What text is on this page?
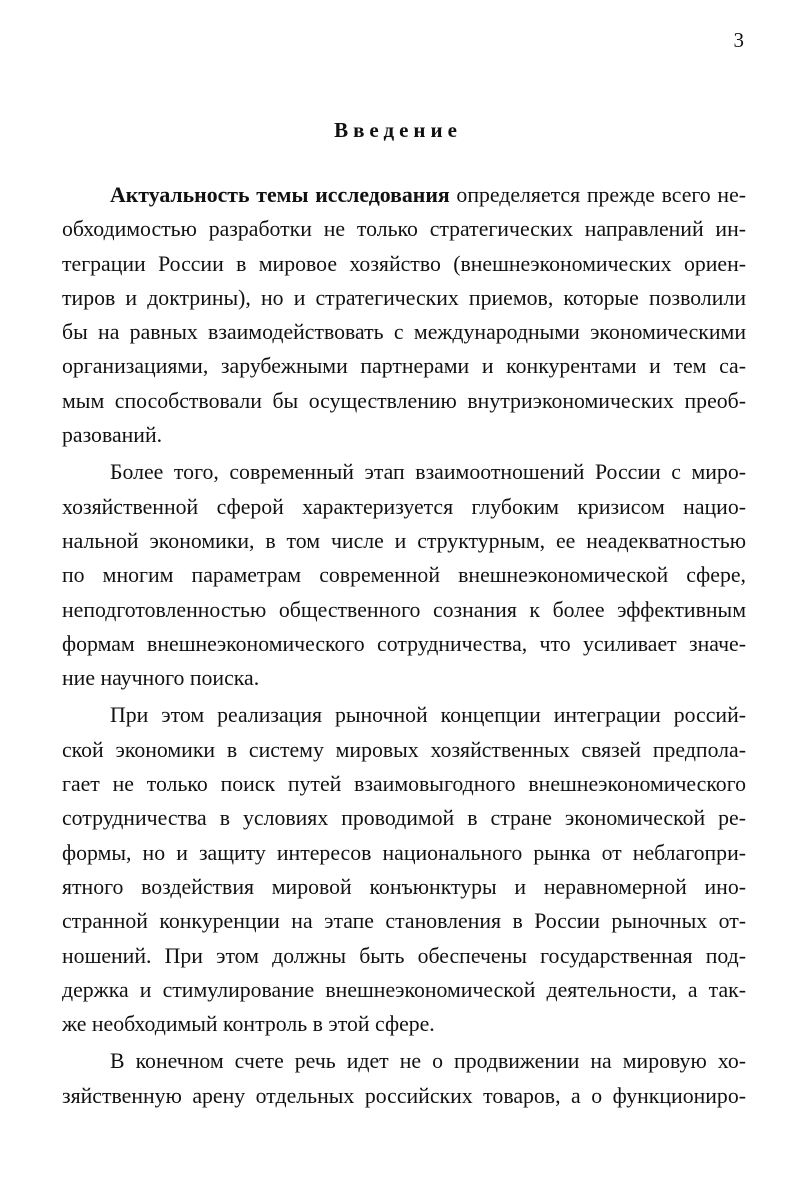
3
Введение
Актуальность темы исследования определяется прежде всего не-
обходимостью разработки не только стратегических направлений ин-
теграции России в мировое хозяйство (внешнеэкономических ориен-
тиров и доктрины), но и стратегических приемов, которые позволили
бы на равных взаимодействовать с международными экономическими
организациями, зарубежными партнерами и конкурентами и тем са-
мым способствовали бы осуществлению внутриэкономических преоб-
разований.
Более того, современный этап взаимоотношений России с миро-
хозяйственной сферой характеризуется глубоким кризисом нацио-
нальной экономики, в том числе и структурным, ее неадекватностью
по многим параметрам современной внешнеэкономической сфере,
неподготовленностью общественного сознания к более эффективным
формам внешнеэкономического сотрудничества, что усиливает значе-
ние научного поиска.
При этом реализация рыночной концепции интеграции россий-
ской экономики в систему мировых хозяйственных связей предпола-
гает не только поиск путей взаимовыгодного внешнеэкономического
сотрудничества в условиях проводимой в стране экономической ре-
формы, но и защиту интересов национального рынка от неблагопри-
ятного воздействия мировой конъюнктуры и неравномерной ино-
странной конкуренции на этапе становления в России рыночных от-
ношений. При этом должны быть обеспечены государственная под-
держка и стимулирование внешнеэкономической деятельности, а так-
же необходимый контроль в этой сфере.
В конечном счете речь идет не о продвижении на мировую хо-
зяйственную арену отдельных российских товаров, а о функциониро-
